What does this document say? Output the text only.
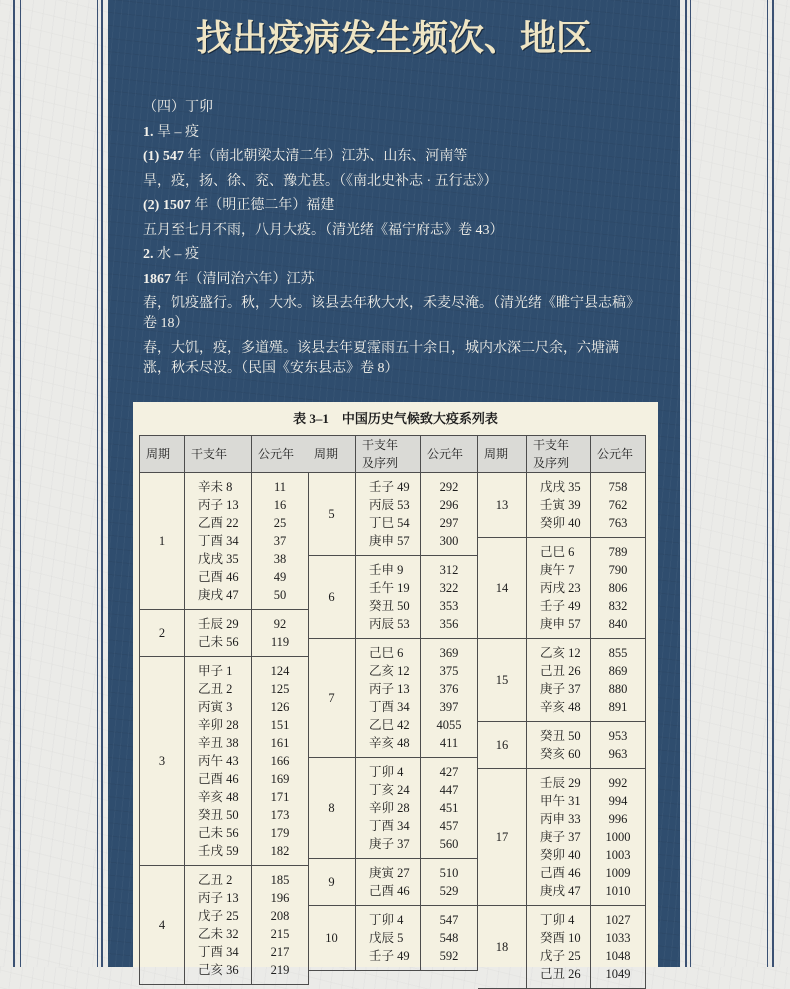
找出疫病发生频次、地区

（四）丁卯

1. 旱 – 疫

(1) 547 年（南北朝梁太清二年）江苏、山东、河南等

旱，疫，扬、徐、兖、豫尤甚。（《南北史补志 · 五行志》）

(2) 1507 年（明正德二年）福建

五月至七月不雨，八月大疫。（清光绪《福宁府志》卷 43）

2. 水 – 疫

1867 年（清同治六年）江苏

春，饥疫盛行。秋，大水。该县去年秋大水，禾麦尽淹。（清光绪《睢宁县志稿》
卷 18）

春，大饥，疫，多道殣。该县去年夏霪雨五十余日，城内水深二尺余，六塘满
涨，秋禾尽没。（民国《安东县志》卷 8）

表 3–1　中国历史气候致大疫系列表
周期 干支年	公元年
1
辛未 8
丙子 13
乙酉 22
丁酉 34
戊戌 35
己酉 46
庚戌 47
11
16
25
37
38
49
50
2
壬辰 29
己未 56
92
119
3
甲子 1
乙丑 2
丙寅 3
辛卯 28
辛丑 38
丙午 43
己酉 46
辛亥 48
癸丑 50
己未 56
壬戌 59
124
125
126
151
161
166
169
171
173
179
182
4
乙丑 2
丙子 13
戊子 25
乙未 32
丁酉 34
己亥 36
185
196
208
215
217
219
周期
干支年及序列
公元年
5
壬子 49
丙辰 53
丁巳 54
庚申 57
292
296
297
300
6
壬申 9
壬午 19
癸丑 50
丙辰 53
312
322
353
356
7
己巳 6
乙亥 12
丙子 13
丁酉 34
乙巳 42
辛亥 48
369
375
376
397
4055
411
8
丁卯 4
丁亥 24
辛卯 28
丁酉 34
庚子 37
427
447
451
457
560
9
庚寅 27
己酉 46
510
529
10
丁卯 4
戊辰 5
壬子 49
547
548
592
周期
干支年及序列
公元年
13
戊戌 35
壬寅 39
癸卯 40
758
762
763
14
己巳 6
庚午 7
丙戌 23
壬子 49
庚申 57
789
790
806
832
840
15
乙亥 12
己丑 26
庚子 37
辛亥 48
855
869
880
891
16
癸丑 50
癸亥 60
953
963
17
壬辰 29
甲午 31
丙申 33
庚子 37
癸卯 40
己酉 46
庚戌 47
992
994
996
1000
1003
1009
1010
18
丁卯 4
癸酉 10
戊子 25
己丑 26
1027
1033
1048
1049
